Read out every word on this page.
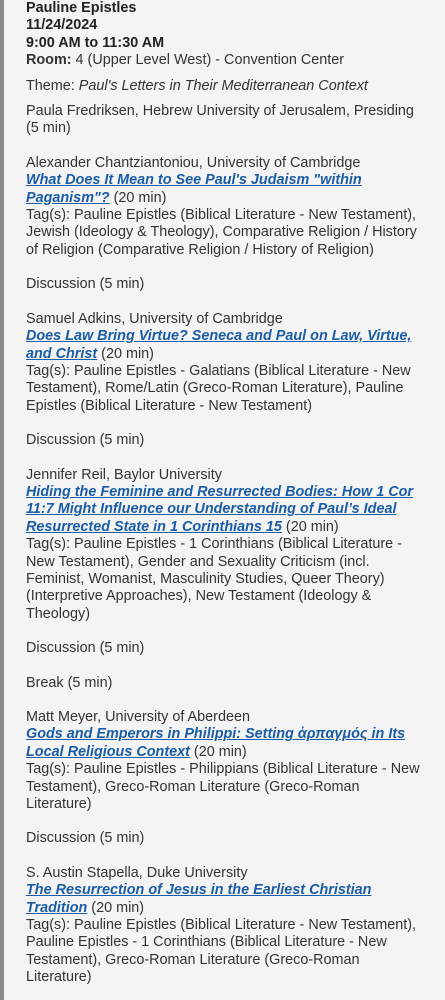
Pauline Epistles

11/24/2024

9:00 AM to 11:30 AM

Room: 4 (Upper Level West) - Convention Center

Theme: Paul's Letters in Their Mediterranean Context

Paula Fredriksen, Hebrew University of Jerusalem, Presiding

(5 min)

Alexander Chantziantoniou, University of Cambridge

What Does It Mean to See Paul's Judaism "within Paganism"? (20 min)

Tag(s): Pauline Epistles (Biblical Literature - New Testament), Jewish (Ideology & Theology), Comparative Religion / History of Religion (Comparative Religion / History of Religion)

Discussion (5 min)

Samuel Adkins, University of Cambridge

Does Law Bring Virtue? Seneca and Paul on Law, Virtue, and Christ (20 min)

Tag(s): Pauline Epistles - Galatians (Biblical Literature - New Testament), Rome/Latin (Greco-Roman Literature), Pauline Epistles (Biblical Literature - New Testament)

Discussion (5 min)

Jennifer Reil, Baylor University

Hiding the Feminine and Resurrected Bodies: How 1 Cor 11:7 Might Influence our Understanding of Paul’s Ideal Resurrected State in 1 Corinthians 15 (20 min)

Tag(s): Pauline Epistles - 1 Corinthians (Biblical Literature - New Testament), Gender and Sexuality Criticism (incl. Feminist, Womanist, Masculinity Studies, Queer Theory) (Interpretive Approaches), New Testament (Ideology & Theology)

Discussion (5 min)

Break (5 min)

Matt Meyer, University of Aberdeen

Gods and Emperors in Philippi: Setting ἁρπαγμός in Its Local Religious Context (20 min)

Tag(s): Pauline Epistles - Philippians (Biblical Literature - New Testament), Greco-Roman Literature (Greco-Roman Literature)

Discussion (5 min)

S. Austin Stapella, Duke University

The Resurrection of Jesus in the Earliest Christian Tradition (20 min)

Tag(s): Pauline Epistles (Biblical Literature - New Testament), Pauline Epistles - 1 Corinthians (Biblical Literature - New Testament), Greco-Roman Literature (Greco-Roman Literature)
